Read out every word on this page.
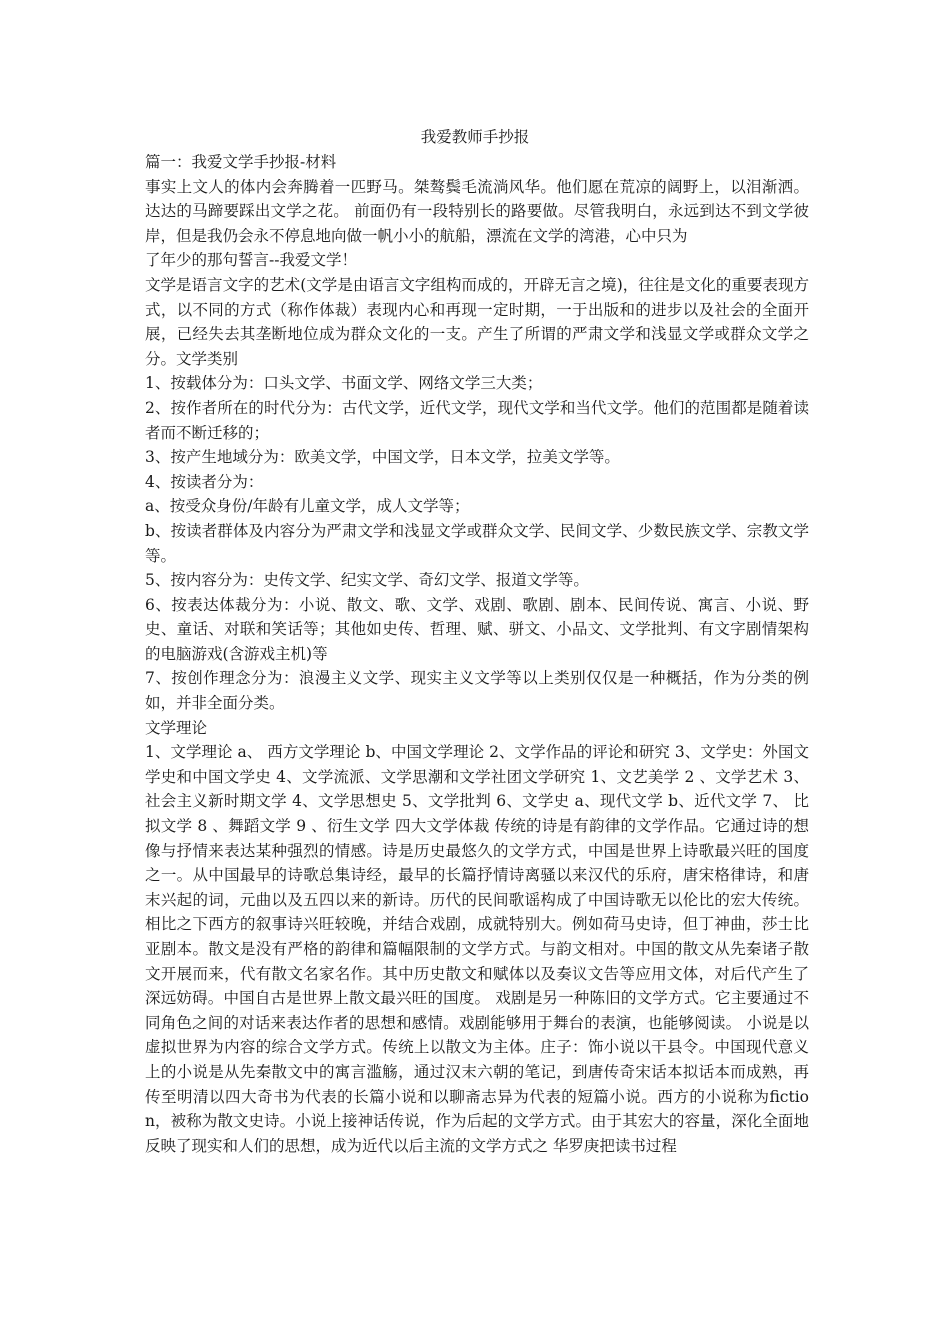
我爱教师手抄报

篇一：我爱文学手抄报-材料

事实上文人的体内会奔腾着一匹野马。桀骜鬓毛流淌风华。他们愿在荒凉的阔野上，以泪渐洒。达达的马蹄要踩出文学之花。 前面仍有一段特别长的路要做。尽管我明白，永远到达不到文学彼岸，但是我仍会永不停息地向做一帆小小的航船，漂流在文学的湾港，心中只为

了年少的那句誓言--我爱文学！

文学是语言文字的艺术(文学是由语言文字组构而成的，开辟无言之境)，往往是文化的重要表现方式，以不同的方式（称作体裁）表现内心和再现一定时期，一于出版和的进步以及社会的全面开展，已经失去其垄断地位成为群众文化的一支。产生了所谓的严肃文学和浅显文学或群众文学之分。文学类别

1、按载体分为：口头文学、书面文学、网络文学三大类；

2、按作者所在的时代分为：古代文学，近代文学，现代文学和当代文学。他们的范围都是随着读者而不断迁移的；

3、按产生地域分为：欧美文学，中国文学，日本文学，拉美文学等。

4、按读者分为：

a、按受众身份/年龄有儿童文学，成人文学等；

b、按读者群体及内容分为严肃文学和浅显文学或群众文学、民间文学、少数民族文学、宗教文学等。

5、按内容分为：史传文学、纪实文学、奇幻文学、报道文学等。

6、按表达体裁分为：小说、散文、歌、文学、戏剧、歌剧、剧本、民间传说、寓言、小说、野史、童话、对联和笑话等；其他如史传、哲理、赋、骈文、小品文、文学批判、有文字剧情架构的电脑游戏(含游戏主机)等

7、按创作理念分为：浪漫主义文学、现实主义文学等以上类别仅仅是一种概括，作为分类的例如，并非全面分类。

文学理论

1、文学理论 a、 西方文学理论 b、中国文学理论 2、文学作品的评论和研究 3、文学史：外国文学史和中国文学史 4、文学流派、文学思潮和文学社团文学研究 1、文艺美学 2 、文学艺术 3、社会主义新时期文学 4、文学思想史 5、文学批判 6、文学史 a、现代文学 b、近代文学 7、 比拟文学 8 、舞蹈文学 9 、衍生文学 四大文学体裁 传统的诗是有韵律的文学作品。它通过诗的想像与抒情来表达某种强烈的情感。诗是历史最悠久的文学方式，中国是世界上诗歌最兴旺的国度之一。从中国最早的诗歌总集诗经，最早的长篇抒情诗离骚以来汉代的乐府，唐宋格律诗，和唐末兴起的词，元曲以及五四以来的新诗。历代的民间歌谣构成了中国诗歌无以伦比的宏大传统。相比之下西方的叙事诗兴旺较晚，并结合戏剧，成就特别大。例如荷马史诗，但丁神曲，莎士比亚剧本。散文是没有严格的韵律和篇幅限制的文学方式。与韵文相对。中国的散文从先秦诸子散文开展而来，代有散文名家名作。其中历史散文和赋体以及奏议文告等应用文体，对后代产生了深远妨碍。中国自古是世界上散文最兴旺的国度。 戏剧是另一种陈旧的文学方式。它主要通过不同角色之间的对话来表达作者的思想和感情。戏剧能够用于舞台的表演，也能够阅读。 小说是以虚拟世界为内容的综合文学方式。传统上以散文为主体。庄子：饰小说以干县令。中国现代意义上的小说是从先秦散文中的寓言滥觞，通过汉末六朝的笔记，到唐传奇宋话本拟话本而成熟，再传至明清以四大奇书为代表的长篇小说和以聊斋志异为代表的短篇小说。西方的小说称为fiction，被称为散文史诗。小说上接神话传说，作为后起的文学方式。由于其宏大的容量，深化全面地反映了现实和人们的思想，成为近代以后主流的文学方式之 华罗庚把读书过程
